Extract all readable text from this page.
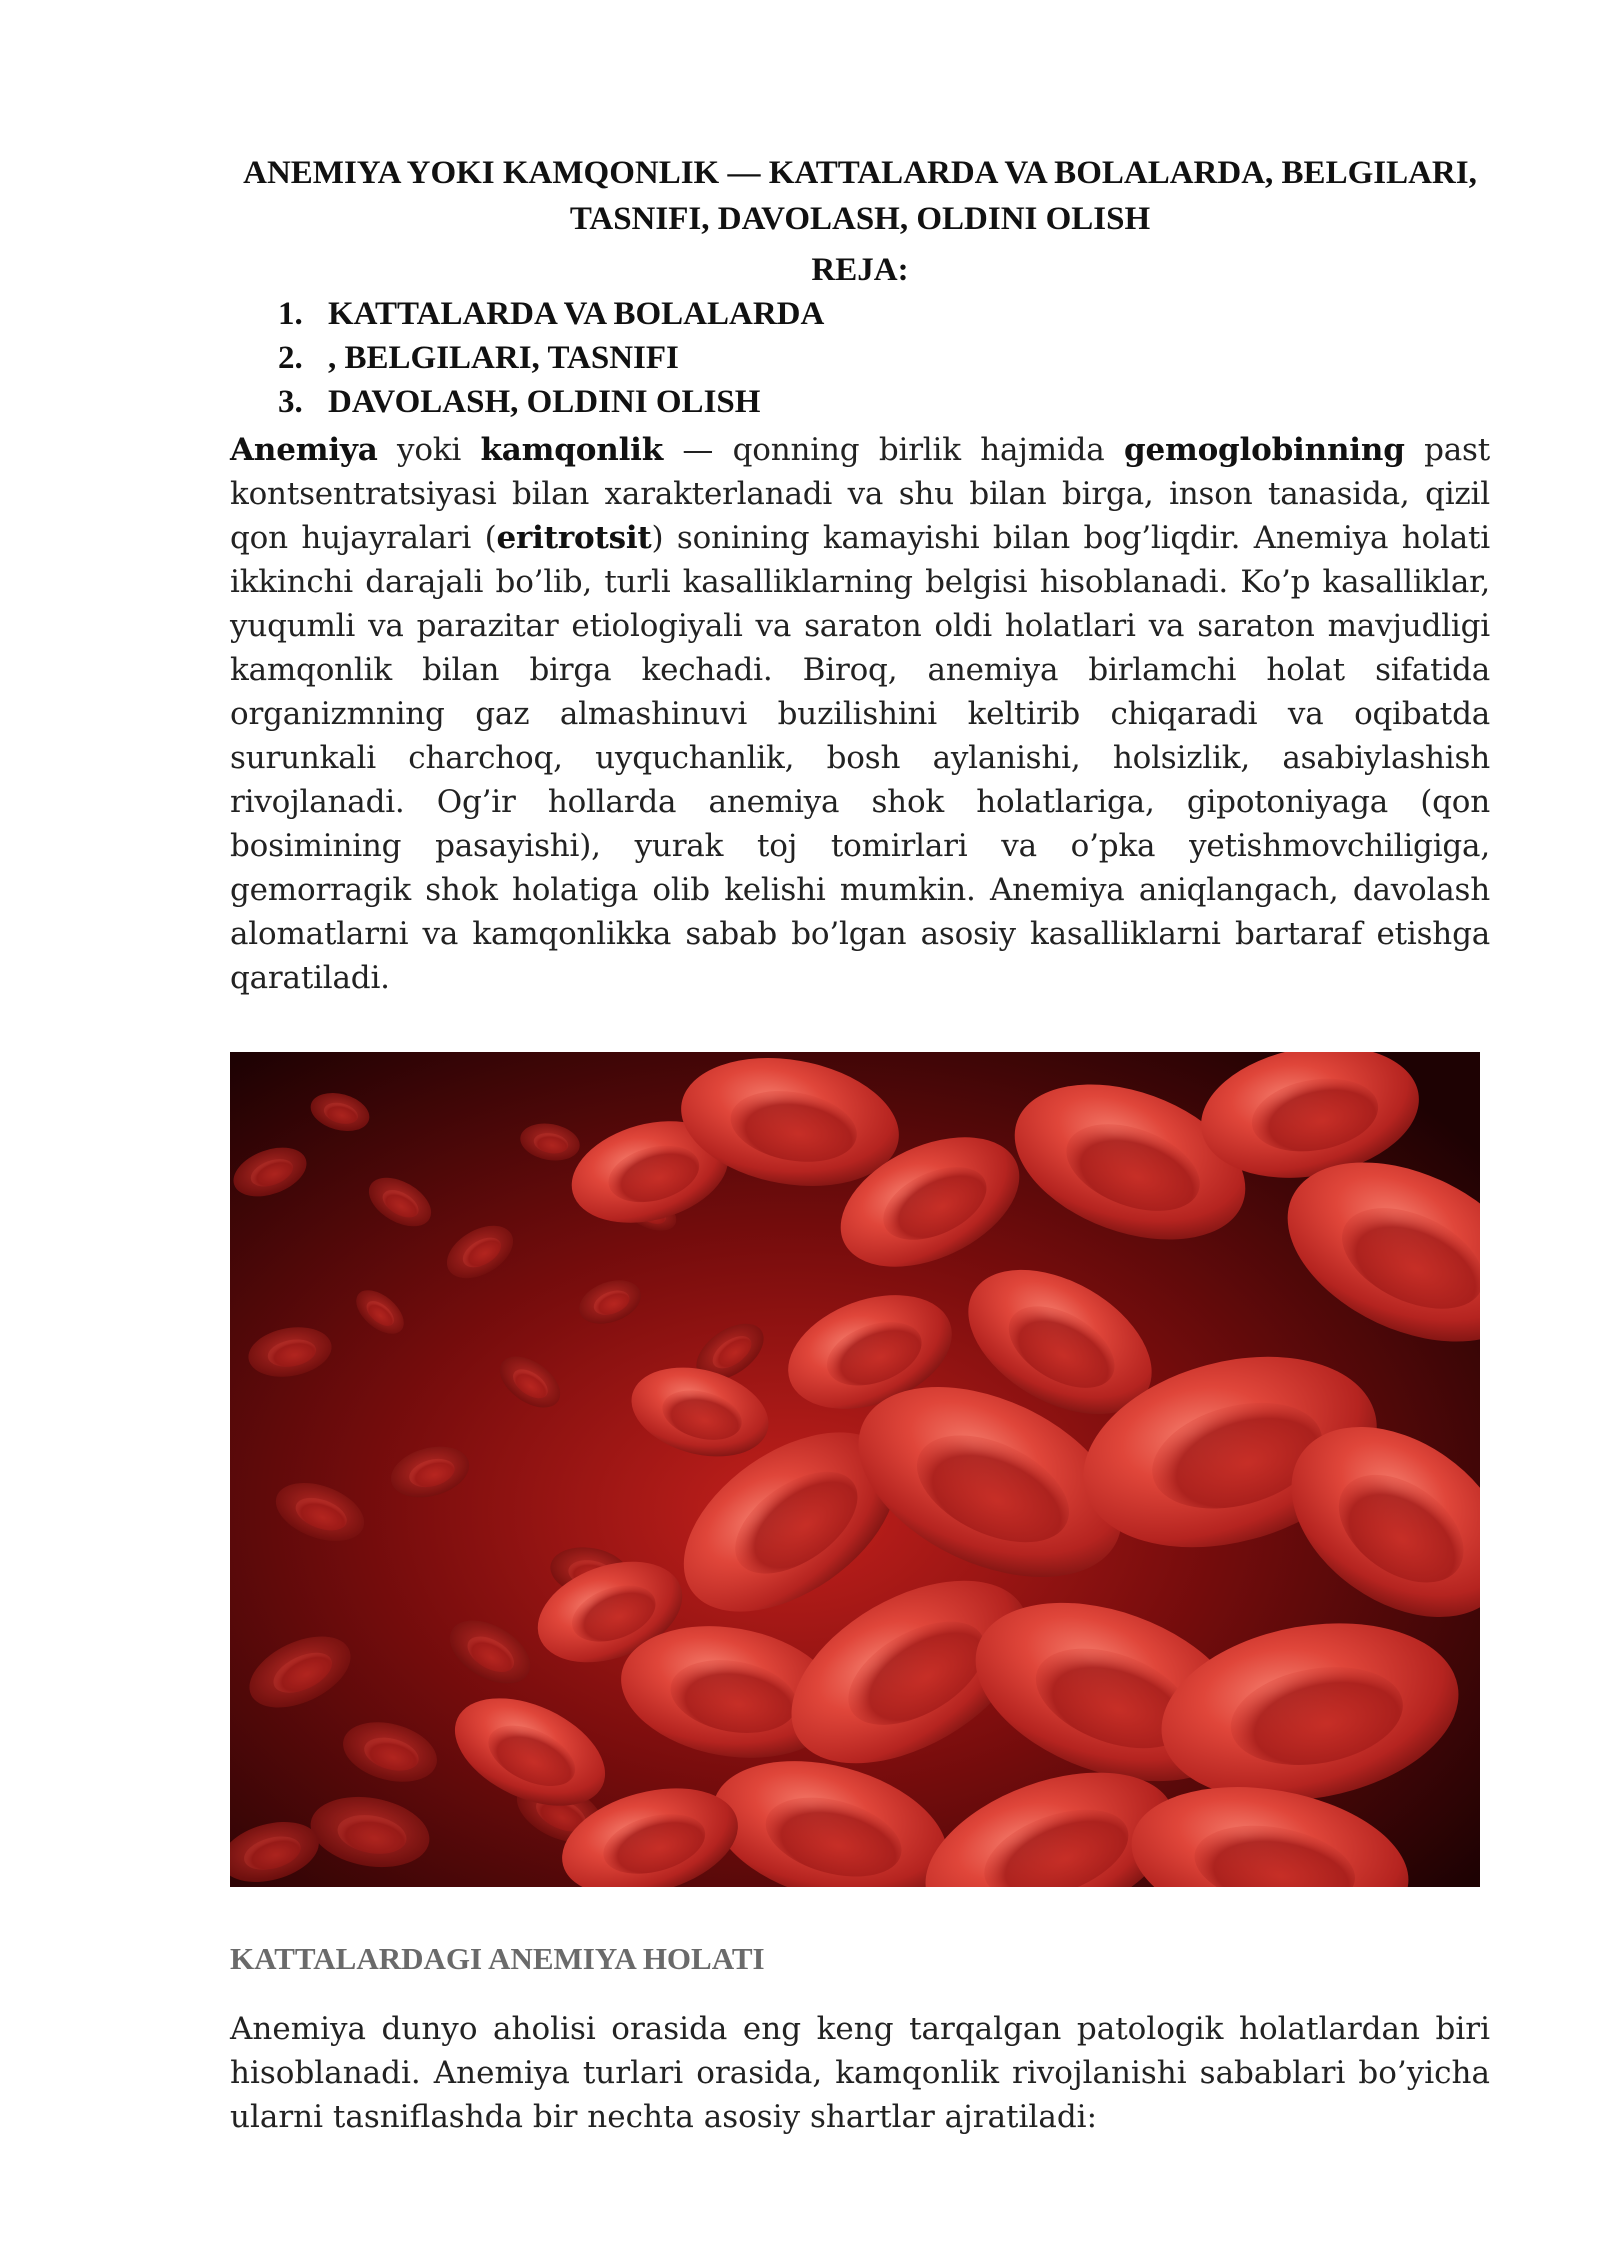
ANEMIYA YOKI KAMQONLIK — KATTALARDA VA BOLALARDA, BELGILARI, TASNIFI, DAVOLASH, OLDINI OLISH
REJA:
1. KATTALARDA VA BOLALARDA
2. , BELGILARI, TASNIFI
3. DAVOLASH, OLDINI OLISH

Anemiya yoki kamqonlik — qonning birlik hajmida gemoglobinning past kontsentratsiyasi bilan xarakterlanadi va shu bilan birga, inson tanasida, qizil qon hujayralari (eritrotsit) sonining kamayishi bilan bog’liqdir. Anemiya holati ikkinchi darajali bo’lib, turli kasalliklarning belgisi hisoblanadi. Ko’p kasalliklar, yuqumli va parazitar etiologiyali va saraton oldi holatlari va saraton mavjudligi kamqonlik bilan birga kechadi. Biroq, anemiya birlamchi holat sifatida organizmning gaz almashinuvi buzilishini keltirib chiqaradi va oqibatda surunkali charchoq, uyquchanlik, bosh aylanishi, holsizlik, asabiylashish rivojlanadi. Og’ir hollarda anemiya shok holatlariga, gipotoniyaga (qon bosimining pasayishi), yurak toj tomirlari va o’pka yetishmovchiligiga, gemorragik shok holatiga olib kelishi mumkin. Anemiya aniqlangach, davolash alomatlarni va kamqonlikka sabab bo’lgan asosiy kasalliklarni bartaraf etishga qaratiladi.

KATTALARDAGI ANEMIYA HOLATI

Anemiya dunyo aholisi orasida eng keng tarqalgan patologik holatlardan biri hisoblanadi. Anemiya turlari orasida, kamqonlik rivojlanishi sabablari bo’yicha ularni tasniflashda bir nechta asosiy shartlar ajratiladi:
